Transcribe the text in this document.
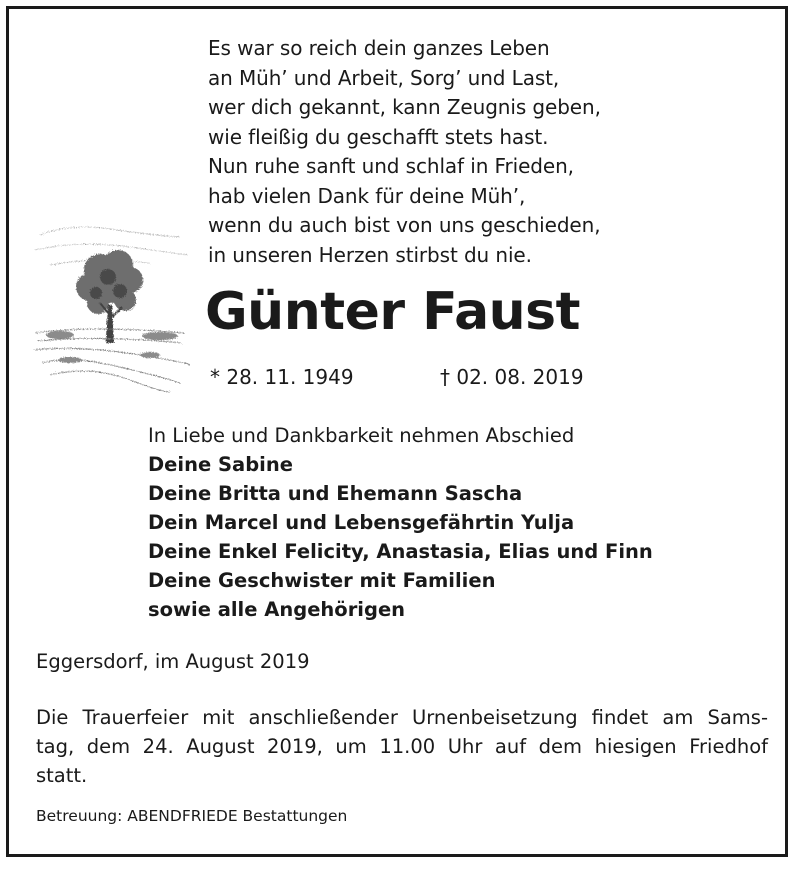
Es war so reich dein ganzes Leben
an Müh’ und Arbeit, Sorg’ und Last,
wer dich gekannt, kann Zeugnis geben,
wie fleißig du geschafft stets hast.
Nun ruhe sanft und schlaf in Frieden,
hab vielen Dank für deine Müh’,
wenn du auch bist von uns geschieden,
in unseren Herzen stirbst du nie.
Günter Faust
* 28. 11. 1949	† 02. 08. 2019
In Liebe und Dankbarkeit nehmen Abschied
Deine Sabine
Deine Britta und Ehemann Sascha
Dein Marcel und Lebensgefährtin Yulja
Deine Enkel Felicity, Anastasia, Elias und Finn
Deine Geschwister mit Familien
sowie alle Angehörigen
Eggersdorf, im August 2019
Die Trauerfeier mit anschließender Urnenbeisetzung findet am Sams-
tag, dem 24. August 2019, um 11.00 Uhr auf dem hiesigen Friedhof
statt.
Betreuung: ABENDFRIEDE Bestattungen
